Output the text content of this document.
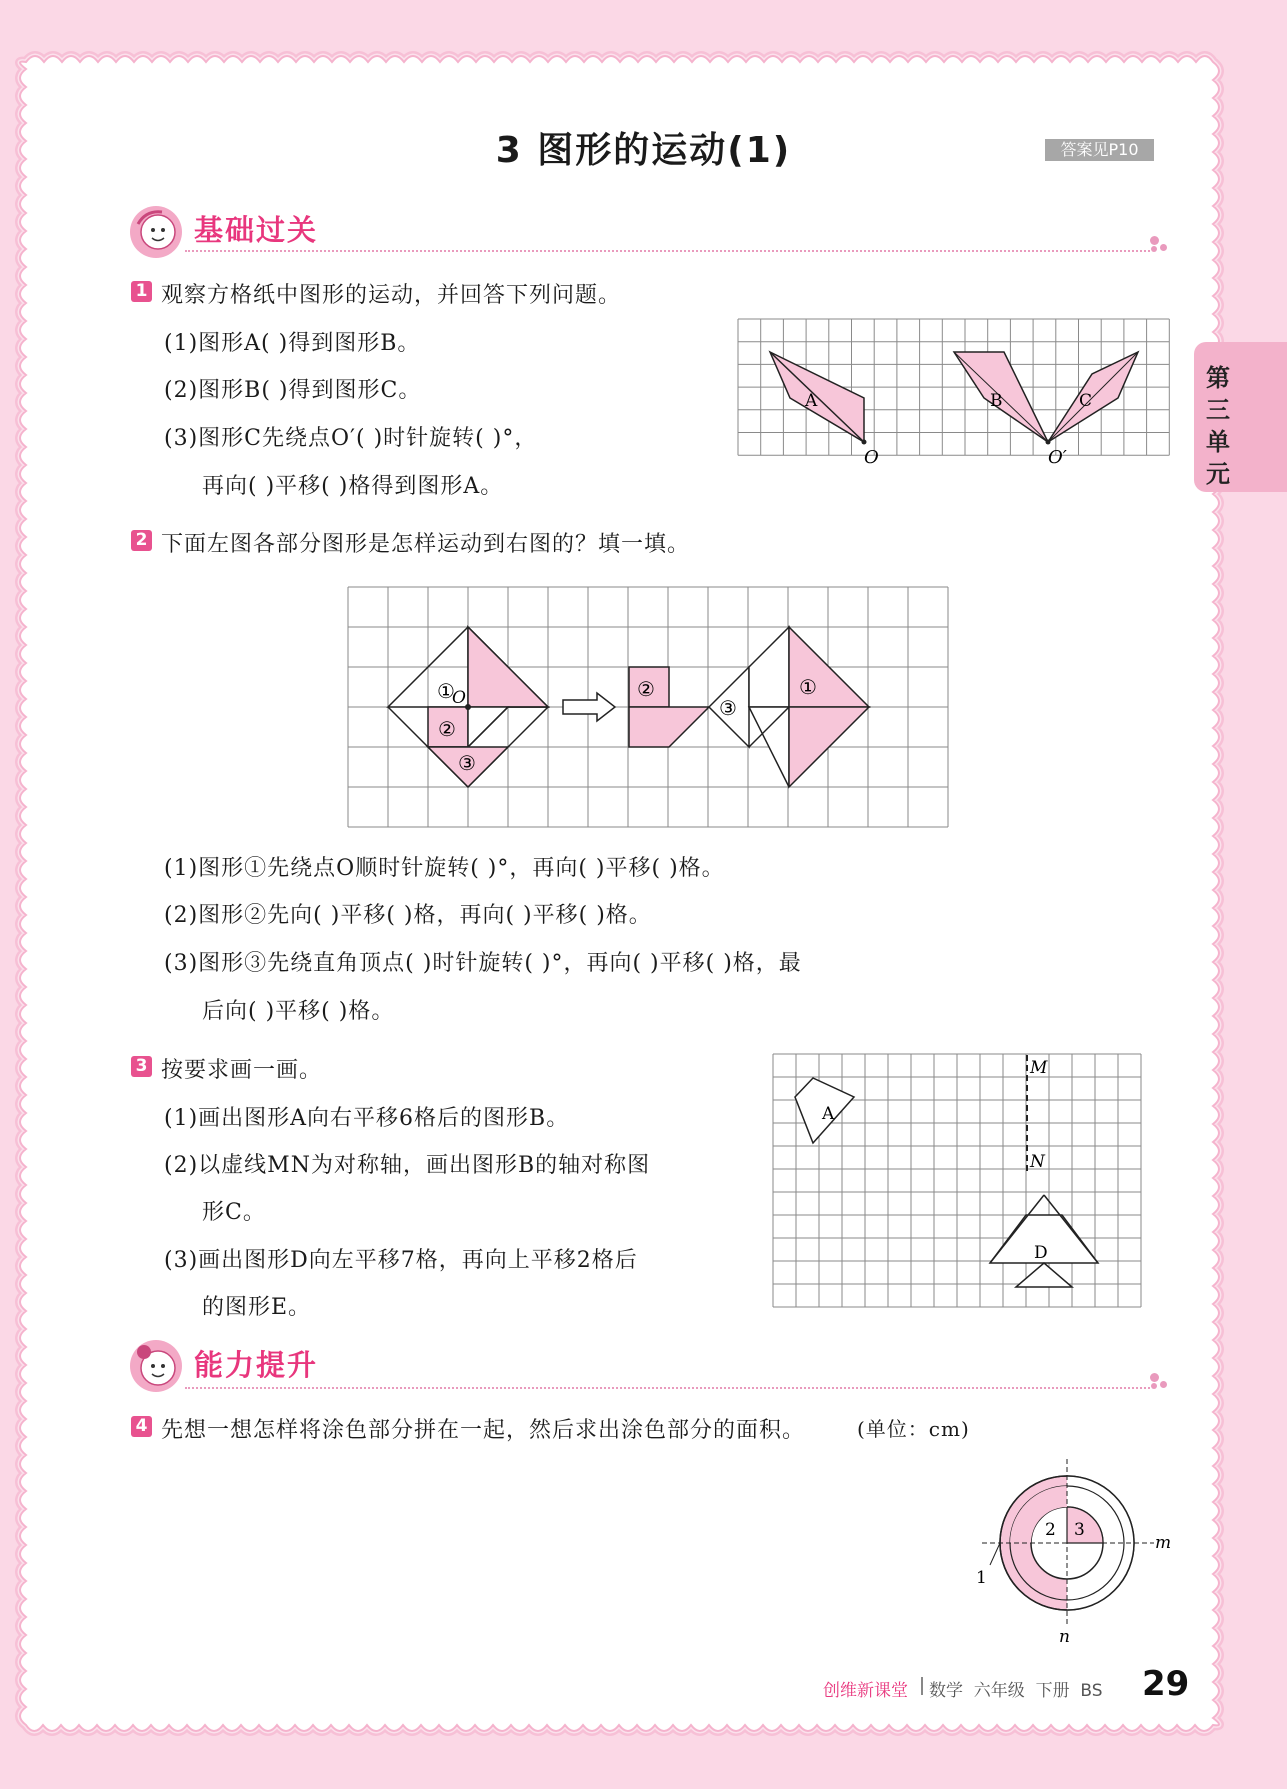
3 图形的运动(1)	答案见P10
第三单元
基础过关
1 观察方格纸中图形的运动，并回答下列问题。
(1)图形A( )得到图形B。
(2)图形B( )得到图形C。
(3)图形C先绕点O′( )时针旋转( )°，
再向( )平移( )格得到图形A。
A	B	C
O	O′
2 下面左图各部分图形是怎样运动到右图的？填一填。
①
O
②
③
②
③
①
(1)图形①先绕点O顺时针旋转( )°，再向( )平移( )格。
(2)图形②先向( )平移( )格，再向( )平移( )格。
(3)图形③先绕直角顶点( )时针旋转( )°，再向( )平移( )格，最
后向( )平移( )格。
3 按要求画一画。
(1)画出图形A向右平移6格后的图形B。
(2)以虚线MN为对称轴，画出图形B的轴对称图
形C。
(3)画出图形D向左平移7格，再向上平移2格后
的图形E。
M
N
A
D
能力提升
4 先想一想怎样将涂色部分拼在一起，然后求出涂色部分的面积。	(单位：cm)
2 3
1
m
n
创维新课堂 数学  六年级  下册  BS 29
